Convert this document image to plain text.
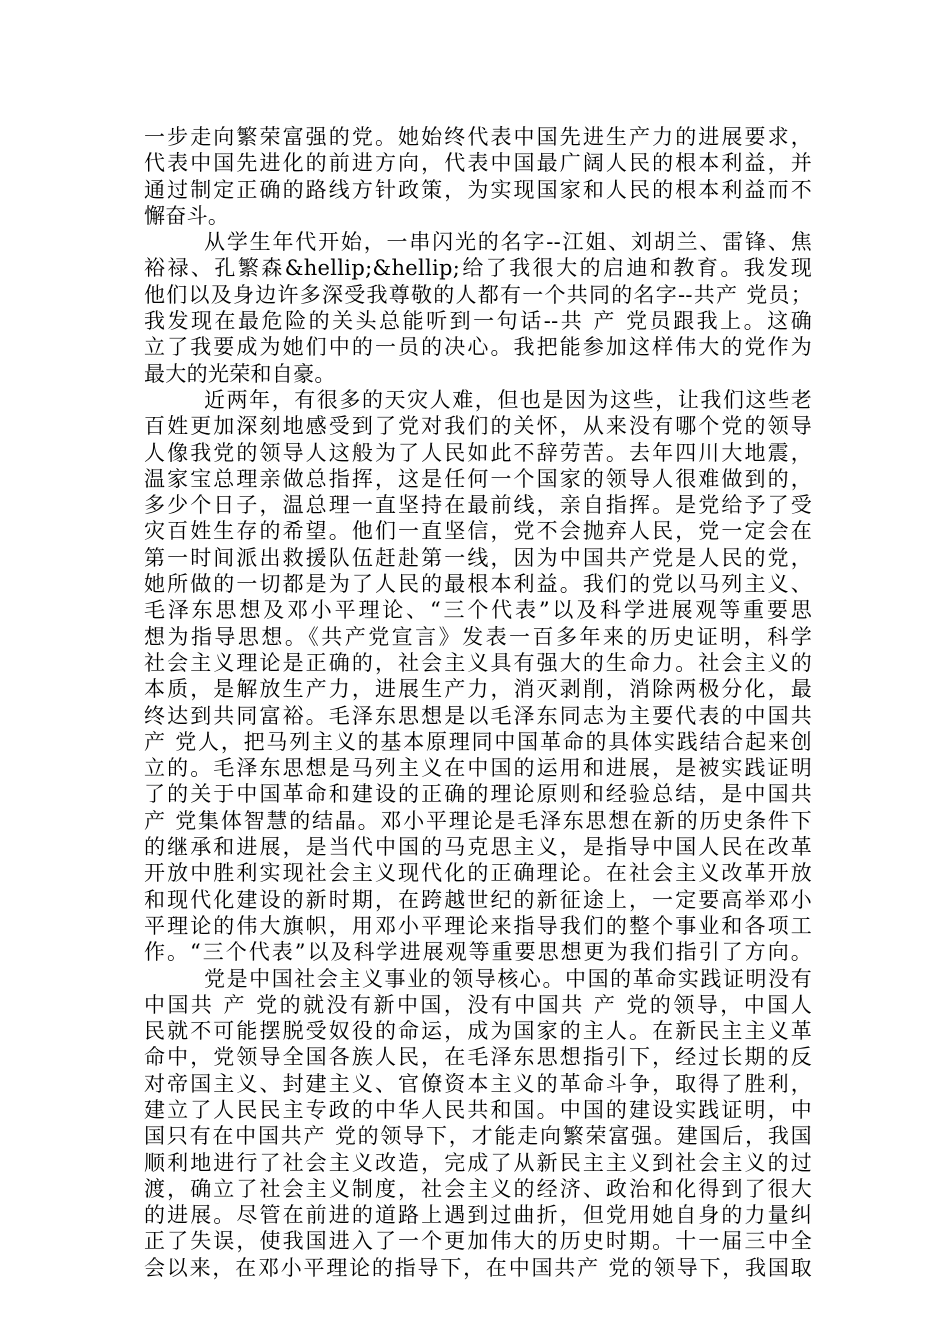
一步走向繁荣富强的党。她始终代表中国先进生产力的进展要求，
代表中国先进化的前进方向，代表中国最广阔人民的根本利益，并
通过制定正确的路线方针政策，为实现国家和人民的根本利益而不
懈奋斗。
从学生年代开始，一串闪光的名字--江姐、刘胡兰、雷锋、焦
裕禄、孔繁森&hellip;&hellip;给了我很大的启迪和教育。我发现
他们以及身边许多深受我尊敬的人都有一个共同的名字--共产 党员；
我发现在最危险的关头总能听到一句话--共 产 党员跟我上。这确
立了我要成为她们中的一员的决心。我把能参加这样伟大的党作为
最大的光荣和自豪。
近两年，有很多的天灾人难，但也是因为这些，让我们这些老
百姓更加深刻地感受到了党对我们的关怀，从来没有哪个党的领导
人像我党的领导人这般为了人民如此不辞劳苦。去年四川大地震，
温家宝总理亲做总指挥，这是任何一个国家的领导人很难做到的，
多少个日子，温总理一直坚持在最前线，亲自指挥。是党给予了受
灾百姓生存的希望。他们一直坚信，党不会抛弃人民，党一定会在
第一时间派出救援队伍赶赴第一线，因为中国共产党是人民的党，
她所做的一切都是为了人民的最根本利益。我们的党以马列主义、
毛泽东思想及邓小平理论、“三个代表”以及科学进展观等重要思
想为指导思想。《共产党宣言》发表一百多年来的历史证明，科学
社会主义理论是正确的，社会主义具有强大的生命力。社会主义的
本质，是解放生产力，进展生产力，消灭剥削，消除两极分化，最
终达到共同富裕。毛泽东思想是以毛泽东同志为主要代表的中国共
产 党人，把马列主义的基本原理同中国革命的具体实践结合起来创
立的。毛泽东思想是马列主义在中国的运用和进展，是被实践证明
了的关于中国革命和建设的正确的理论原则和经验总结，是中国共
产 党集体智慧的结晶。邓小平理论是毛泽东思想在新的历史条件下
的继承和进展，是当代中国的马克思主义，是指导中国人民在改革
开放中胜利实现社会主义现代化的正确理论。在社会主义改革开放
和现代化建设的新时期，在跨越世纪的新征途上，一定要高举邓小
平理论的伟大旗帜，用邓小平理论来指导我们的整个事业和各项工
作。“三个代表”以及科学进展观等重要思想更为我们指引了方向。
党是中国社会主义事业的领导核心。中国的革命实践证明没有
中国共 产 党的就没有新中国，没有中国共 产 党的领导，中国人
民就不可能摆脱受奴役的命运，成为国家的主人。在新民主主义革
命中，党领导全国各族人民，在毛泽东思想指引下，经过长期的反
对帝国主义、封建主义、官僚资本主义的革命斗争，取得了胜利，
建立了人民民主专政的中华人民共和国。中国的建设实践证明，中
国只有在中国共产 党的领导下，才能走向繁荣富强。建国后，我国
顺利地进行了社会主义改造，完成了从新民主主义到社会主义的过
渡，确立了社会主义制度，社会主义的经济、政治和化得到了很大
的进展。尽管在前进的道路上遇到过曲折，但党用她自身的力量纠
正了失误，使我国进入了一个更加伟大的历史时期。十一届三中全
会以来，在邓小平理论的指导下，在中国共产 党的领导下，我国取
